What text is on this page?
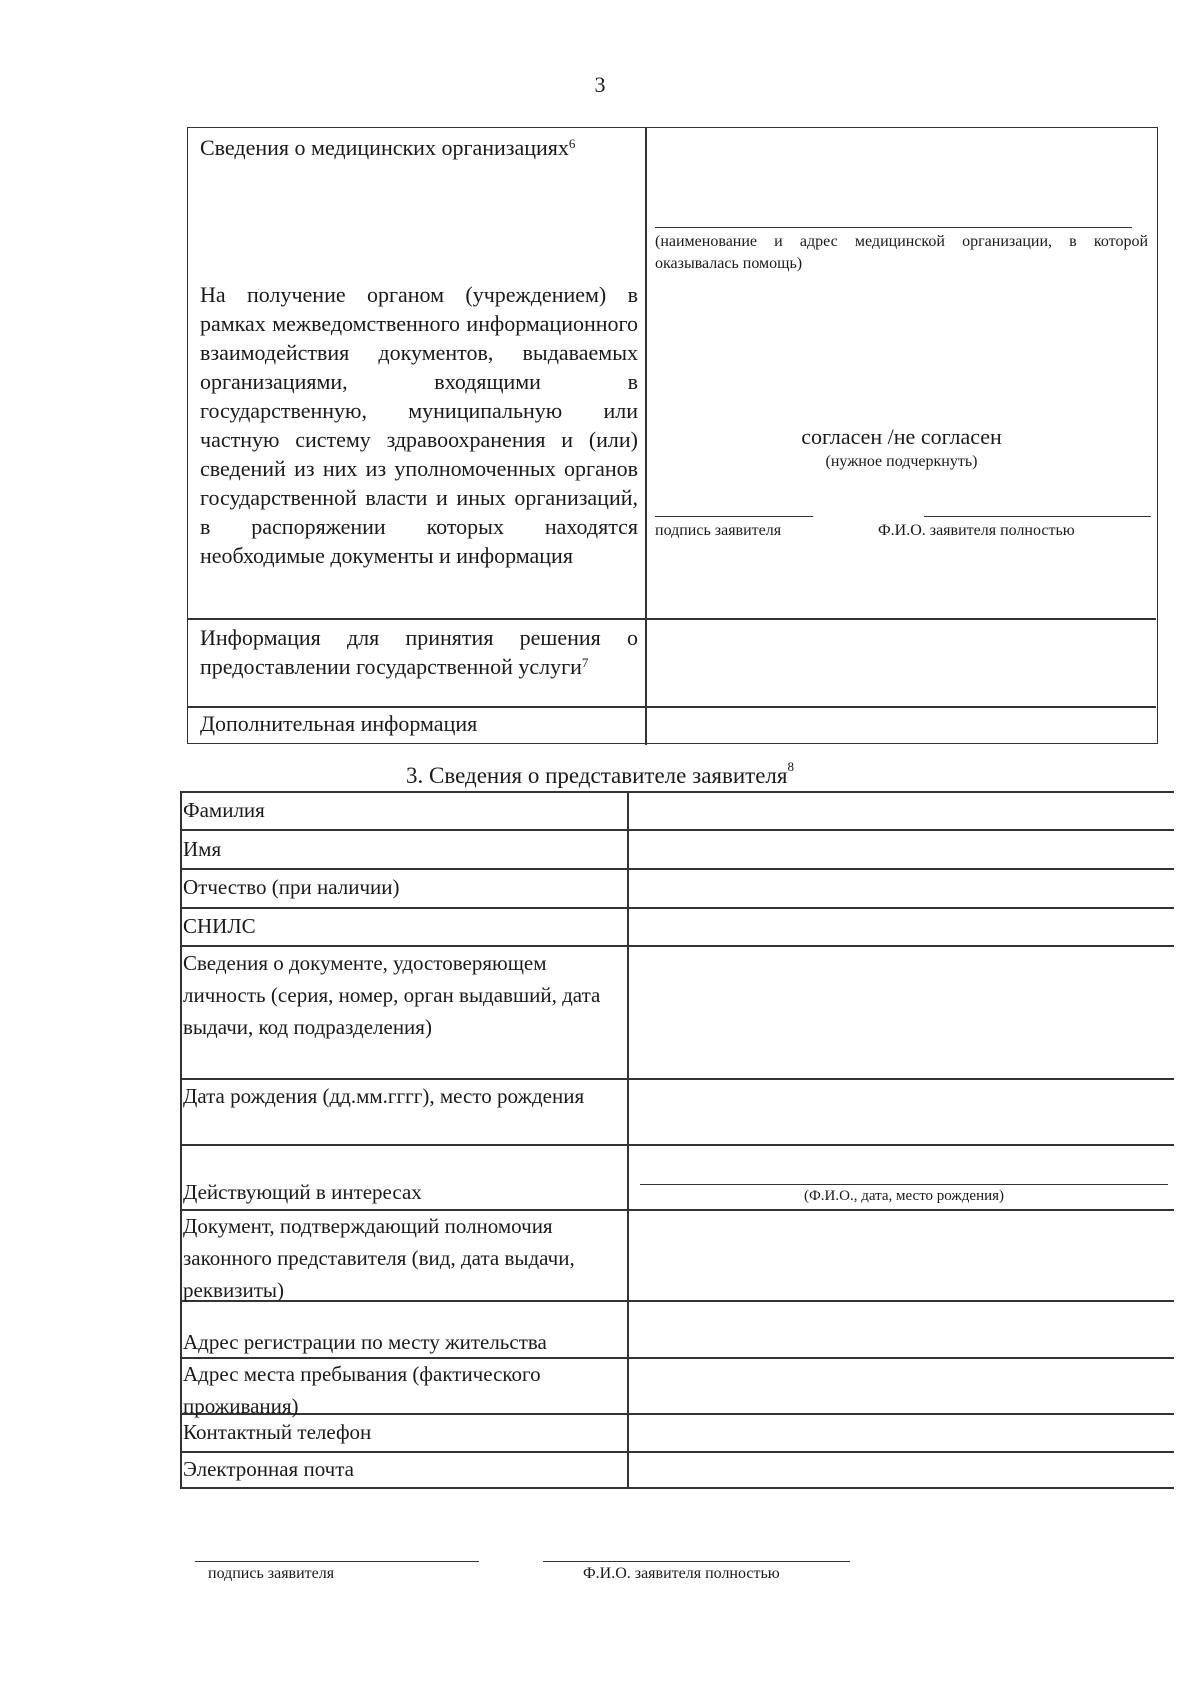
3
Сведения о медицинских организациях$^6$
(наименование и адрес медицинской организации, в которой оказывалась помощь)
На получение органом (учреждением) в рамках межведомственного информационного взаимодействия документов, выдаваемых организациями, входящими в государственную, муниципальную или частную систему здравоохранения и (или) сведений из них из уполномоченных органов государственной власти и иных организаций, в распоряжении которых находятся необходимые документы и информация
согласен /не согласен
(нужное подчеркнуть)
подпись заявителя	Ф.И.О. заявителя полностью
Информация для принятия решения о предоставлении государственной услуги$^7$
Дополнительная информация
3. Сведения о представителе заявителя$^8$
Фамилия
Имя
Отчество (при наличии)
СНИЛС
Сведения о документе, удостоверяющем личность (серия, номер, орган выдавший, дата выдачи, код подразделения)
Дата рождения (дд.мм.гггг), место рождения
Действующий в интересах	(Ф.И.О., дата, место рождения)
Документ, подтверждающий полномочия законного представителя (вид, дата выдачи, реквизиты)
Адрес регистрации по месту жительства
Адрес места пребывания (фактического проживания)
Контактный телефон
Электронная почта
подпись заявителя	Ф.И.О. заявителя полностью
